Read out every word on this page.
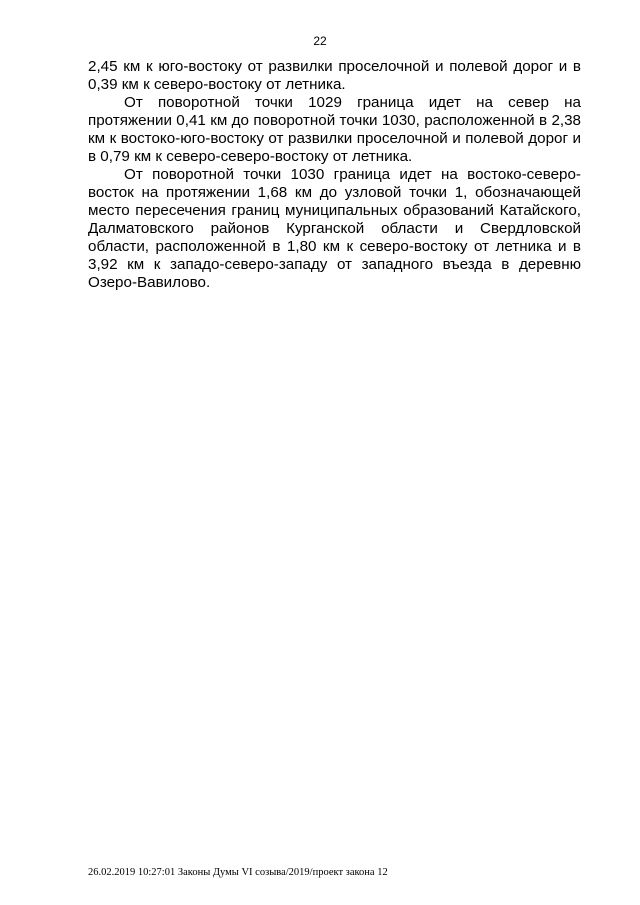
22

2,45 км к юго-востоку от развилки проселочной и полевой дорог и в 0,39 км к северо-востоку от летника.

От поворотной точки 1029 граница идет на север на протяжении 0,41 км до поворотной точки 1030, расположенной в 2,38 км к востоко-юго-востоку от развилки проселочной и полевой дорог и в 0,79 км к северо-северо-востоку от летника.

От поворотной точки 1030 граница идет на востоко-северо-восток на протяжении 1,68 км до узловой точки 1, обозначающей место пересечения границ муниципальных образований Катайского, Далматовского районов Курганской области и Свердловской области, расположенной в 1,80 км к северо-востоку от летника и в 3,92 км к западо-северо-западу от западного въезда в деревню Озеро-Вавилово.

26.02.2019 10:27:01 Законы Думы VI созыва/2019/проект закона 12
